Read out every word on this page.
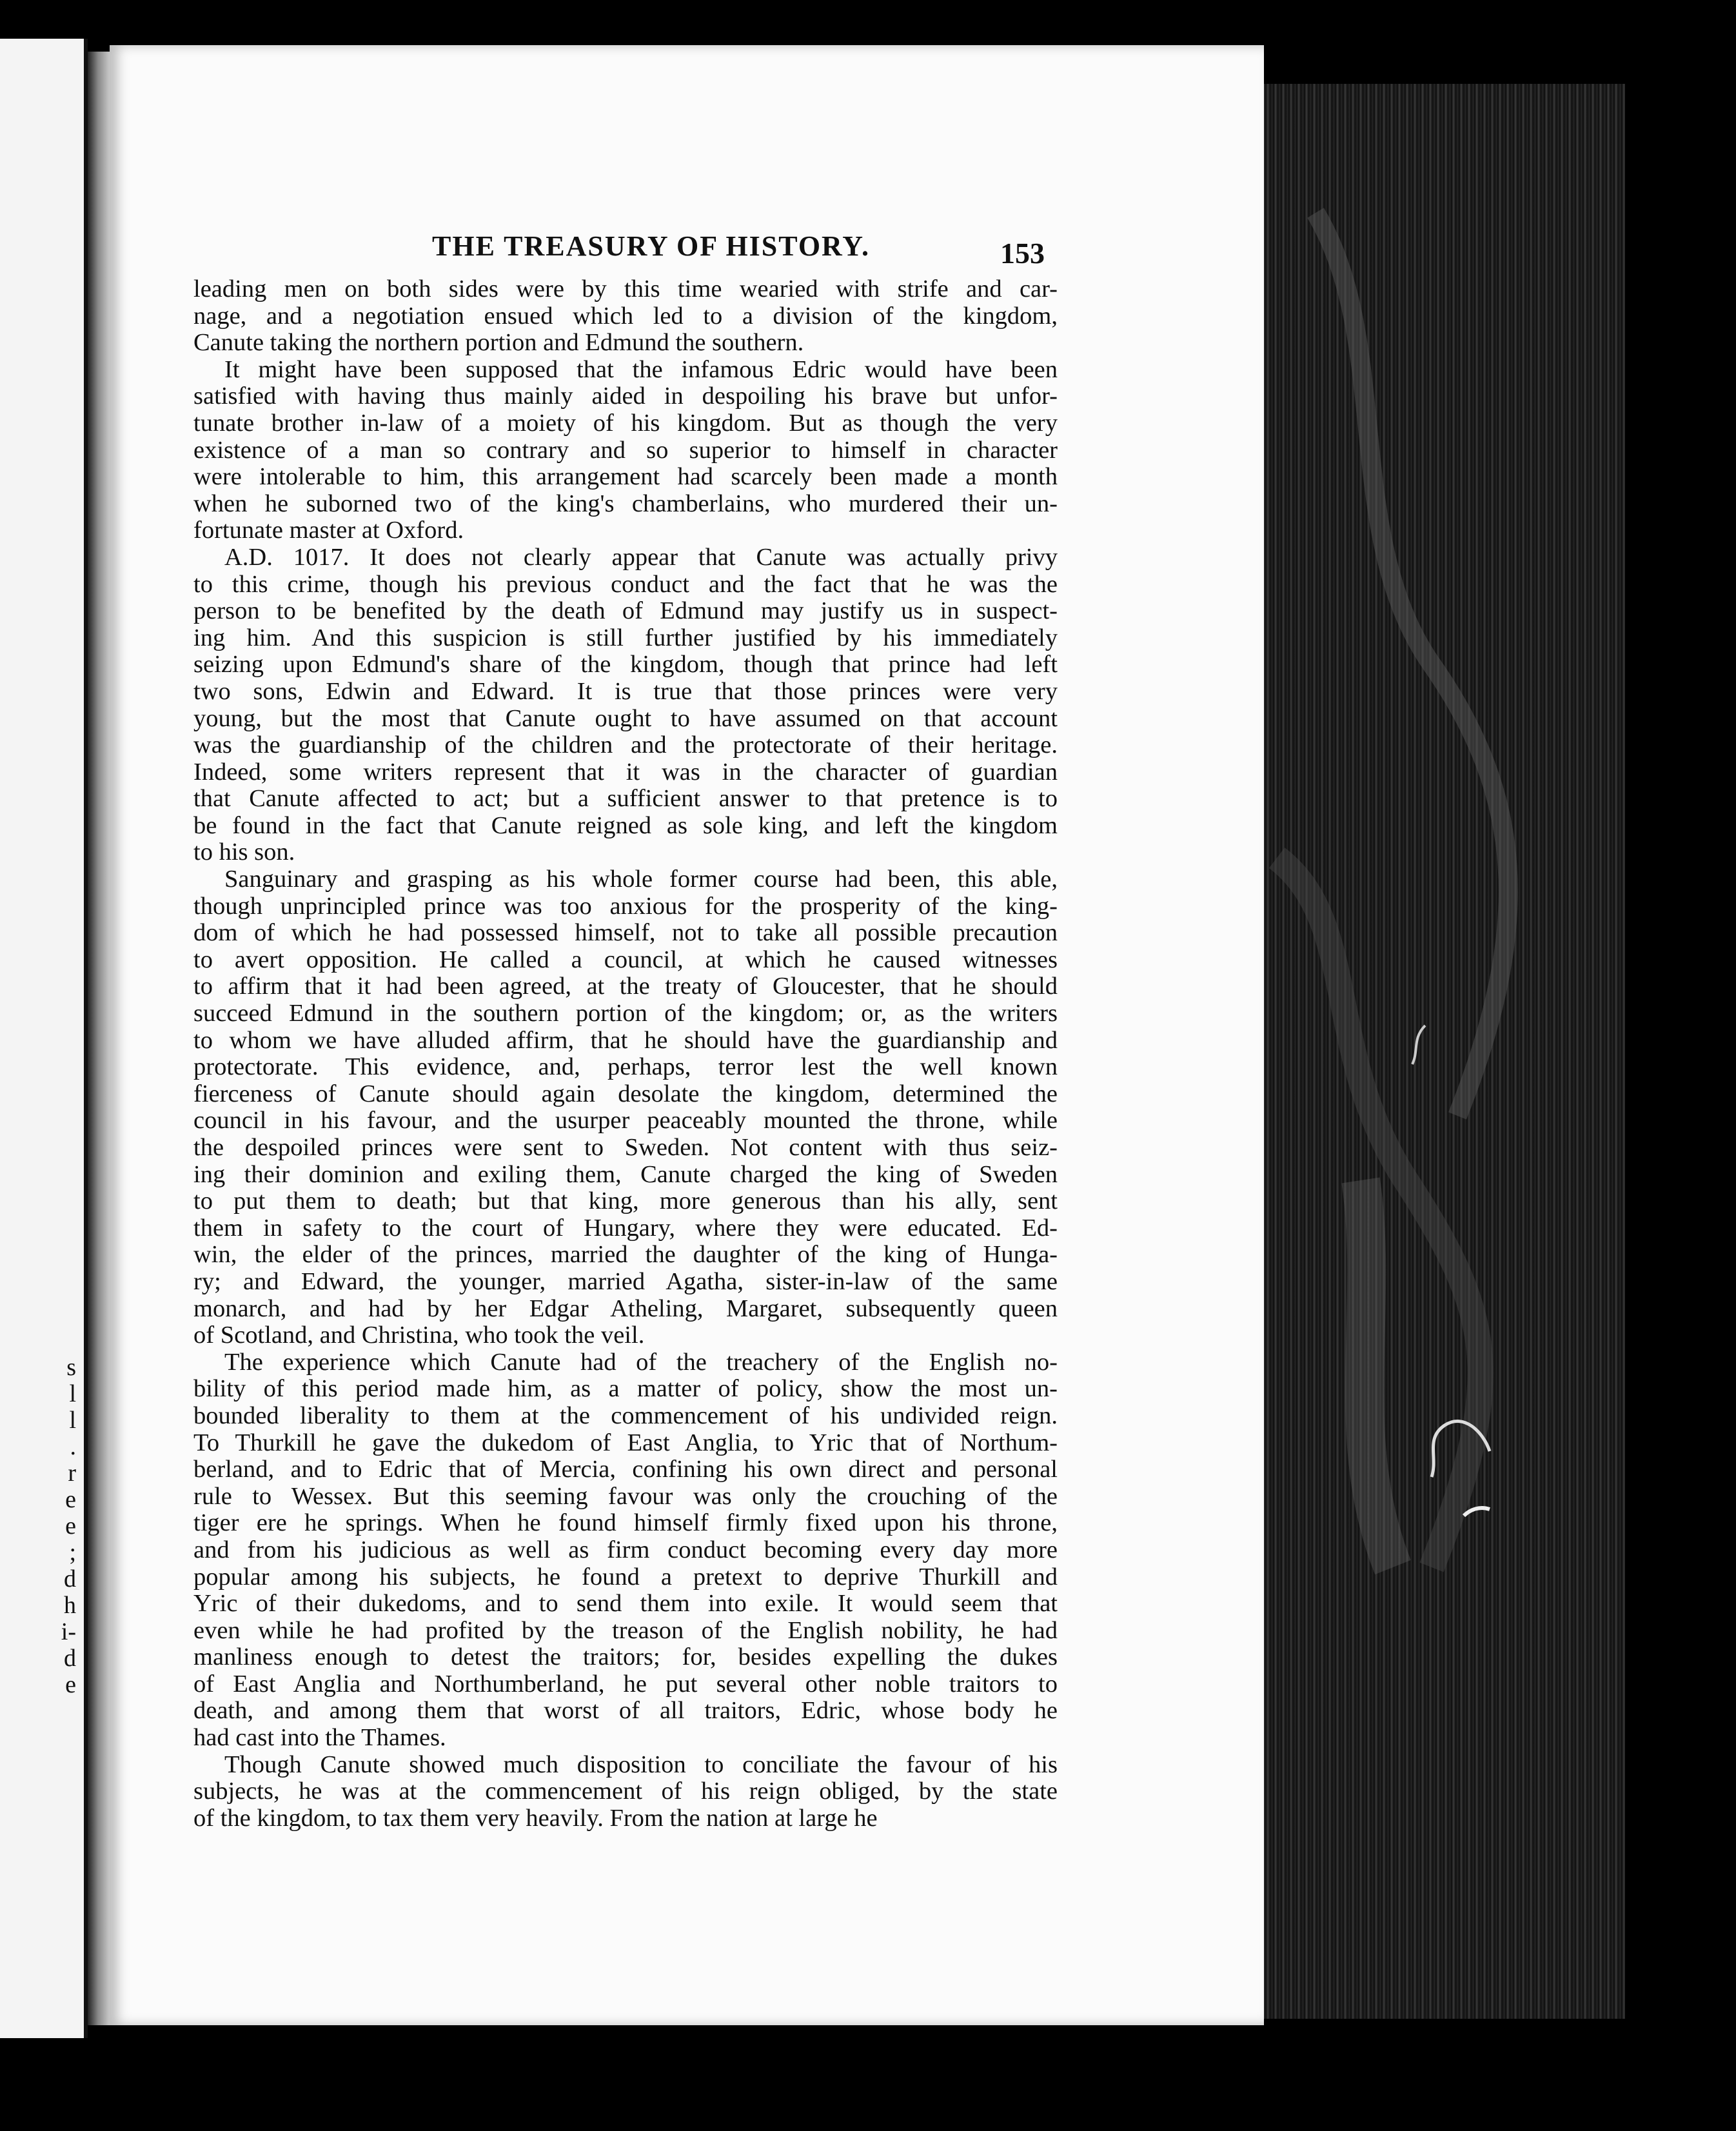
s
l
l
.
r
e
e
;
d
h
i-
d
e
THE TREASURY OF HISTORY.	153

leading men on both sides were by this time wearied with strife and car-
nage, and a negotiation ensued which led to a division of the kingdom,
Canute taking the northern portion and Edmund the southern.

It might have been supposed that the infamous Edric would have been
satisfied with having thus mainly aided in despoiling his brave but unfor-
tunate brother in-law of a moiety of his kingdom. But as though the very
existence of a man so contrary and so superior to himself in character
were intolerable to him, this arrangement had scarcely been made a month
when he suborned two of the king's chamberlains, who murdered their un-
fortunate master at Oxford.

A.D. 1017. It does not clearly appear that Canute was actually privy
to this crime, though his previous conduct and the fact that he was the
person to be benefited by the death of Edmund may justify us in suspect-
ing him. And this suspicion is still further justified by his immediately
seizing upon Edmund's share of the kingdom, though that prince had left
two sons, Edwin and Edward. It is true that those princes were very
young, but the most that Canute ought to have assumed on that account
was the guardianship of the children and the protectorate of their heritage.
Indeed, some writers represent that it was in the character of guardian
that Canute affected to act; but a sufficient answer to that pretence is to
be found in the fact that Canute reigned as sole king, and left the kingdom
to his son.

Sanguinary and grasping as his whole former course had been, this able,
though unprincipled prince was too anxious for the prosperity of the king-
dom of which he had possessed himself, not to take all possible precaution
to avert opposition. He called a council, at which he caused witnesses
to affirm that it had been agreed, at the treaty of Gloucester, that he should
succeed Edmund in the southern portion of the kingdom; or, as the writers
to whom we have alluded affirm, that he should have the guardianship and
protectorate. This evidence, and, perhaps, terror lest the well known
fierceness of Canute should again desolate the kingdom, determined the
council in his favour, and the usurper peaceably mounted the throne, while
the despoiled princes were sent to Sweden. Not content with thus seiz-
ing their dominion and exiling them, Canute charged the king of Sweden
to put them to death; but that king, more generous than his ally, sent
them in safety to the court of Hungary, where they were educated. Ed-
win, the elder of the princes, married the daughter of the king of Hunga-
ry; and Edward, the younger, married Agatha, sister-in-law of the same
monarch, and had by her Edgar Atheling, Margaret, subsequently queen
of Scotland, and Christina, who took the veil.

The experience which Canute had of the treachery of the English no-
bility of this period made him, as a matter of policy, show the most un-
bounded liberality to them at the commencement of his undivided reign.
To Thurkill he gave the dukedom of East Anglia, to Yric that of Northum-
berland, and to Edric that of Mercia, confining his own direct and personal
rule to Wessex. But this seeming favour was only the crouching of the
tiger ere he springs. When he found himself firmly fixed upon his throne,
and from his judicious as well as firm conduct becoming every day more
popular among his subjects, he found a pretext to deprive Thurkill and
Yric of their dukedoms, and to send them into exile. It would seem that
even while he had profited by the treason of the English nobility, he had
manliness enough to detest the traitors; for, besides expelling the dukes
of East Anglia and Northumberland, he put several other noble traitors to
death, and among them that worst of all traitors, Edric, whose body he
had cast into the Thames.

Though Canute showed much disposition to conciliate the favour of his
subjects, he was at the commencement of his reign obliged, by the state
of the kingdom, to tax them very heavily. From the nation at large he
